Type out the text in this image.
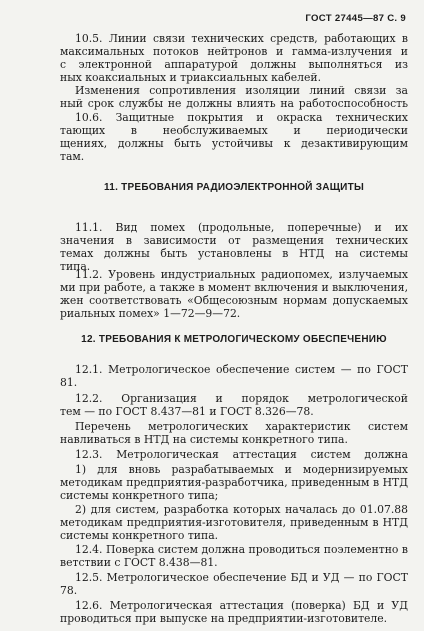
ГОСТ 27445—87 С. 9
10.5. Линии связи технических средств, работающих в
максимальных потоков нейтронов и гамма-излучения и
с электронной аппаратурой должны выполняться из
ных коаксиальных и триаксиальных кабелей.
Изменения сопротивления изоляции линий связи за
ный срок службы не должны влиять на работоспособность
10.6. Защитные покрытия и окраска технических
тающих в необслуживаемых и периодически
щениях, должны быть устойчивы к дезактивирующим
там.
11. ТРЕБОВАНИЯ РАДИОЭЛЕКТРОННОЙ ЗАЩИТЫ
11.1. Вид помех (продольные, поперечные) и их
значения в зависимости от размещения технических
темах должны быть установлены в НТД на системы
типа.
11.2. Уровень индустриальных радиопомех, излучаемых
ми при работе, а также в момент включения и выключения,
жен соответствовать «Общесоюзным нормам допускаемых
риальных помех» 1—72—9—72.
12. ТРЕБОВАНИЯ К МЕТРОЛОГИЧЕСКОМУ ОБЕСПЕЧЕНИЮ
12.1. Метрологическое обеспечение систем — по ГОСТ
81.
12.2. Организация и порядок метрологической
тем — по ГОСТ 8.437—81 и ГОСТ 8.326—78.
Перечень метрологических характеристик систем
навливаться в НТД на системы конкретного типа.
12.3. Метрологическая аттестация систем должна
1) для вновь разрабатываемых и модернизируемых
методикам предприятия-разработчика, приведенным в НТД
системы конкретного типа;
2) для систем, разработка которых началась до 01.07.88
методикам предприятия-изготовителя, приведенным в НТД
системы конкретного типа.
12.4. Поверка систем должна проводиться поэлементно в
ветствии с ГОСТ 8.438—81.
12.5. Метрологическое обеспечение БД и УД — по ГОСТ
78.
12.6. Метрологическая аттестация (поверка) БД и УД
проводиться при выпуске на предприятии-изготовителе.
